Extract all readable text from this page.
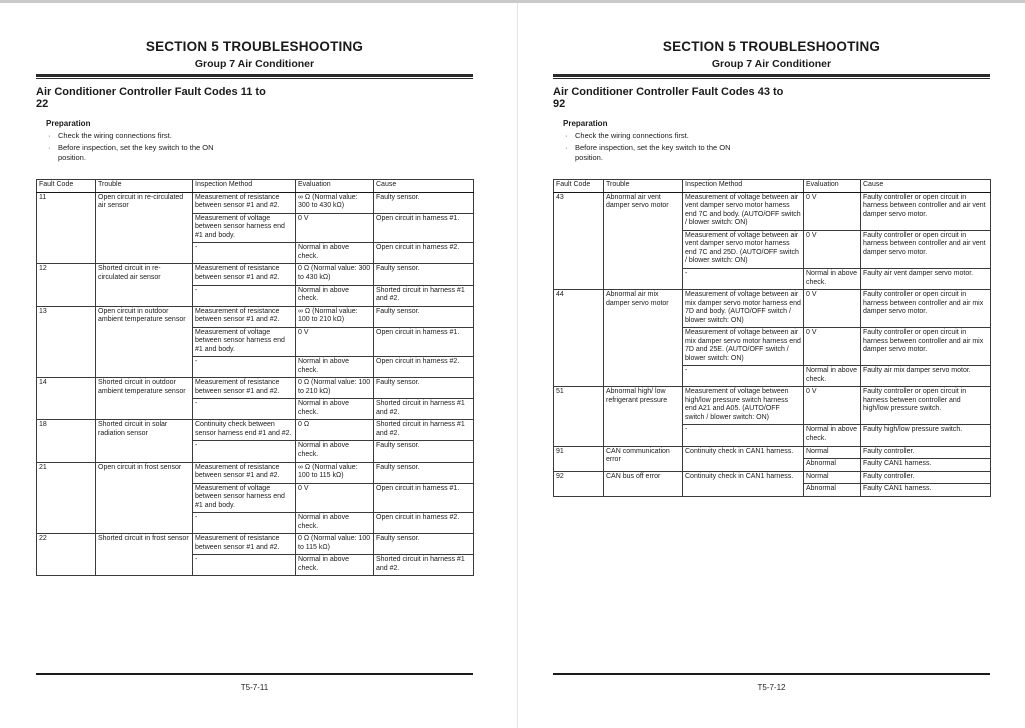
SECTION 5 TROUBLESHOOTING
Group 7 Air Conditioner
Air Conditioner Controller Fault Codes 11 to
22
Preparation
·	Check the wiring connections first.
·	Before inspection, set the key switch to the ON position.
Fault Code	Trouble	Inspection Method	Evaluation	Cause
11	Open circuit in re-circulated air sensor	Measurement of resistance between sensor #1 and #2.	∞ Ω (Normal value: 300 to 430 kΩ)	Faulty sensor.
		Measurement of voltage between sensor harness end #1 and body.	0 V	Open circuit in harness #1.
		-	Normal in above check.	Open circuit in harness #2.
12	Shorted circuit in re-circulated air sensor	Measurement of resistance between sensor #1 and #2.	0 Ω (Normal value: 300 to 430 kΩ)	Faulty sensor.
		-	Normal in above check.	Shorted circuit in harness #1 and #2.
13	Open circuit in outdoor ambient temperature sensor	Measurement of resistance between sensor #1 and #2.	∞ Ω (Normal value: 100 to 210 kΩ)	Faulty sensor.
		Measurement of voltage between sensor harness end #1 and body.	0 V	Open circuit in harness #1.
		-	Normal in above check.	Open circuit in harness #2.
14	Shorted circuit in outdoor ambient temperature sensor	Measurement of resistance between sensor #1 and #2.	0 Ω (Normal value: 100 to 210 kΩ)	Faulty sensor.
		-	Normal in above check.	Shorted circuit in harness #1 and #2.
18	Shorted circuit in solar radiation sensor	Continuity check between sensor harness end #1 and #2.	0 Ω	Shorted circuit in harness #1 and #2.
		-	Normal in above check.	Faulty sensor.
21	Open circuit in frost sensor	Measurement of resistance between sensor #1 and #2.	∞ Ω (Normal value: 100 to 115 kΩ)	Faulty sensor.
		Measurement of voltage between sensor harness end #1 and body.	0 V	Open circuit in harness #1.
		-	Normal in above check.	Open circuit in harness #2.
22	Shorted circuit in frost sensor	Measurement of resistance between sensor #1 and #2.	0 Ω (Normal value: 100 to 115 kΩ)	Faulty sensor.
		-	Normal in above check.	Shorted circuit in harness #1 and #2.
T5-7-11
SECTION 5 TROUBLESHOOTING
Group 7 Air Conditioner
Air Conditioner Controller Fault Codes 43 to
92
Preparation
·	Check the wiring connections first.
·	Before inspection, set the key switch to the ON position.
Fault Code	Trouble	Inspection Method	Evaluation	Cause
43	Abnormal air vent damper servo motor	Measurement of voltage between air vent damper servo motor harness end 7C and body. (AUTO/OFF switch / blower switch: ON)	0 V	Faulty controller or open circuit in harness between controller and air vent damper servo motor.
		Measurement of voltage between air vent damper servo motor harness end 7C and 25D. (AUTO/OFF switch / blower switch: ON)	0 V	Faulty controller or open circuit in harness between controller and air vent damper servo motor.
		-	Normal in above check.	Faulty air vent damper servo motor.
44	Abnormal air mix damper servo motor	Measurement of voltage between air mix damper servo motor harness end 7D and body. (AUTO/OFF switch / blower switch: ON)	0 V	Faulty controller or open circuit in harness between controller and air mix damper servo motor.
		Measurement of voltage between air mix damper servo motor harness end 7D and 25E. (AUTO/OFF switch / blower switch: ON)	0 V	Faulty controller or open circuit in harness between controller and air mix damper servo motor.
		-	Normal in above check.	Faulty air mix damper servo motor.
51	Abnormal high/ low refrigerant pressure	Measurement of voltage between high/low pressure switch harness end A21 and A05. (AUTO/OFF switch / blower switch: ON)	0 V	Faulty controller or open circuit in harness between controller and high/low pressure switch.
		-	Normal in above check.	Faulty high/low pressure switch.
91	CAN communication error	Continuity check in CAN1 harness.	Normal	Faulty controller.
			Abnormal	Faulty CAN1 harness.
92	CAN bus off error	Continuity check in CAN1 harness.	Normal	Faulty controller.
			Abnormal	Faulty CAN1 harness.
T5-7-12
